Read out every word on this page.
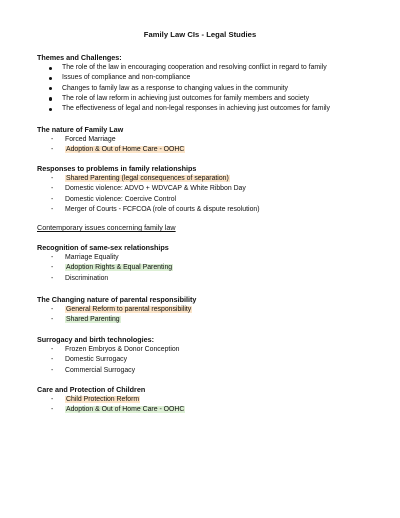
Family Law CIs - Legal Studies
Themes and Challenges:
The role of the law in encouraging cooperation and resolving conflict in regard to family
Issues of compliance and non-compliance
Changes to family law as a response to changing values in the community
The role of law reform in achieving just outcomes for family members and society
The effectiveness of legal and non-legal responses in achieving just outcomes for family
The nature of Family Law
- Forced Marriage
- Adoption & Out of Home Care - OOHC
Responses to problems in family relationships
- Shared Parenting (legal consequences of separation)
- Domestic violence: ADVO + WDVCAP & White Ribbon Day
- Domestic violence: Coercive Control
- Merger of Courts - FCFCOA (role of courts & dispute resolution)
Contemporary issues concerning family law
Recognition of same-sex relationships
- Marriage Equality
- Adoption Rights & Equal Parenting
- Discrimination
The Changing nature of parental responsibility
- General Reform to parental responsibility
- Shared Parenting
Surrogacy and birth technologies:
- Frozen Embryos & Donor Conception
- Domestic Surrogacy
- Commercial Surrogacy
Care and Protection of Children
- Child Protection Reform
- Adoption & Out of Home Care - OOHC
